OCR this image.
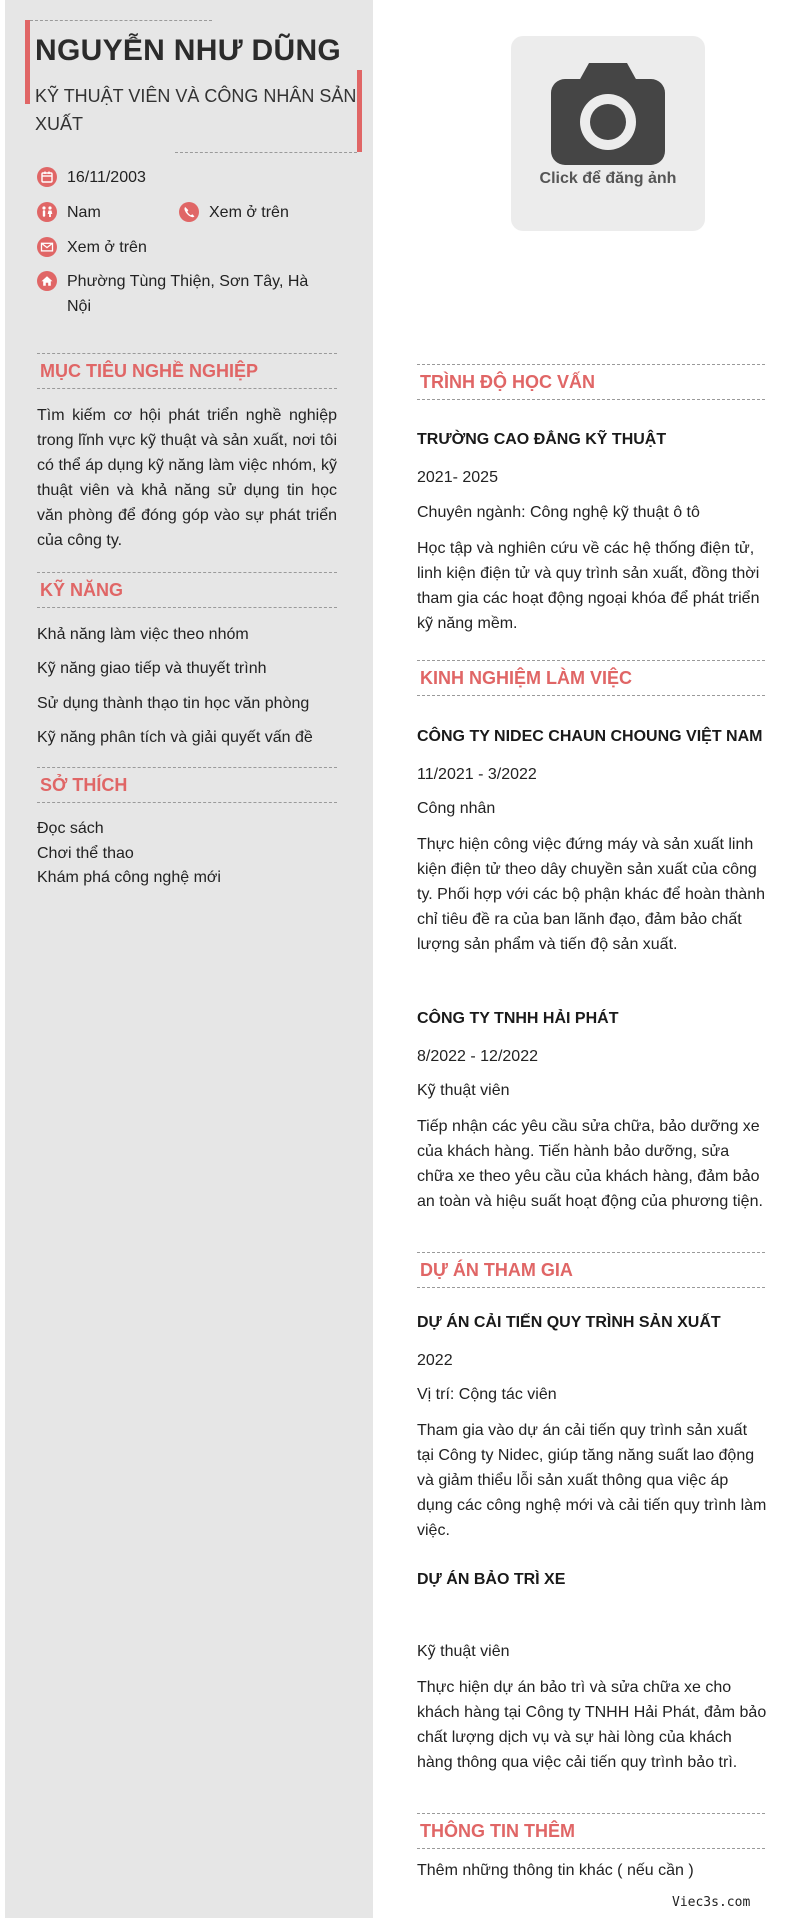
NGUYỄN NHƯ DŨNG
KỸ THUẬT VIÊN VÀ CÔNG NHÂN SẢN XUẤT
16/11/2003
Nam	Xem ở trên
Xem ở trên
Phường Tùng Thiện, Sơn Tây, Hà Nội
Click để đăng ảnh
MỤC TIÊU NGHỀ NGHIỆP
Tìm kiếm cơ hội phát triển nghề nghiệp trong lĩnh vực kỹ thuật và sản xuất, nơi tôi có thể áp dụng kỹ năng làm việc nhóm, kỹ thuật viên và khả năng sử dụng tin học văn phòng để đóng góp vào sự phát triển của công ty.
KỸ NĂNG
Khả năng làm việc theo nhóm
Kỹ năng giao tiếp và thuyết trình
Sử dụng thành thạo tin học văn phòng
Kỹ năng phân tích và giải quyết vấn đề
SỞ THÍCH
Đọc sách
Chơi thể thao
Khám phá công nghệ mới
TRÌNH ĐỘ HỌC VẤN
TRƯỜNG CAO ĐẲNG KỸ THUẬT
2021- 2025
Chuyên ngành: Công nghệ kỹ thuật ô tô
Học tập và nghiên cứu về các hệ thống điện tử, linh kiện điện tử và quy trình sản xuất, đồng thời tham gia các hoạt động ngoại khóa để phát triển kỹ năng mềm.
KINH NGHIỆM LÀM VIỆC
CÔNG TY NIDEC CHAUN CHOUNG VIỆT NAM
11/2021 - 3/2022
Công nhân
Thực hiện công việc đứng máy và sản xuất linh kiện điện tử theo dây chuyền sản xuất của công ty. Phối hợp với các bộ phận khác để hoàn thành chỉ tiêu đề ra của ban lãnh đạo, đảm bảo chất lượng sản phẩm và tiến độ sản xuất.
CÔNG TY TNHH HẢI PHÁT
8/2022 - 12/2022
Kỹ thuật viên
Tiếp nhận các yêu cầu sửa chữa, bảo dưỡng xe của khách hàng. Tiến hành bảo dưỡng, sửa chữa xe theo yêu cầu của khách hàng, đảm bảo an toàn và hiệu suất hoạt động của phương tiện.
DỰ ÁN THAM GIA
DỰ ÁN CẢI TIẾN QUY TRÌNH SẢN XUẤT
2022
Vị trí: Cộng tác viên
Tham gia vào dự án cải tiến quy trình sản xuất tại Công ty Nidec, giúp tăng năng suất lao động và giảm thiểu lỗi sản xuất thông qua việc áp dụng các công nghệ mới và cải tiến quy trình làm việc.
DỰ ÁN BẢO TRÌ XE
Kỹ thuật viên
Thực hiện dự án bảo trì và sửa chữa xe cho khách hàng tại Công ty TNHH Hải Phát, đảm bảo chất lượng dịch vụ và sự hài lòng của khách hàng thông qua việc cải tiến quy trình bảo trì.
THÔNG TIN THÊM
Thêm những thông tin khác ( nếu cần )
Viec3s.com
